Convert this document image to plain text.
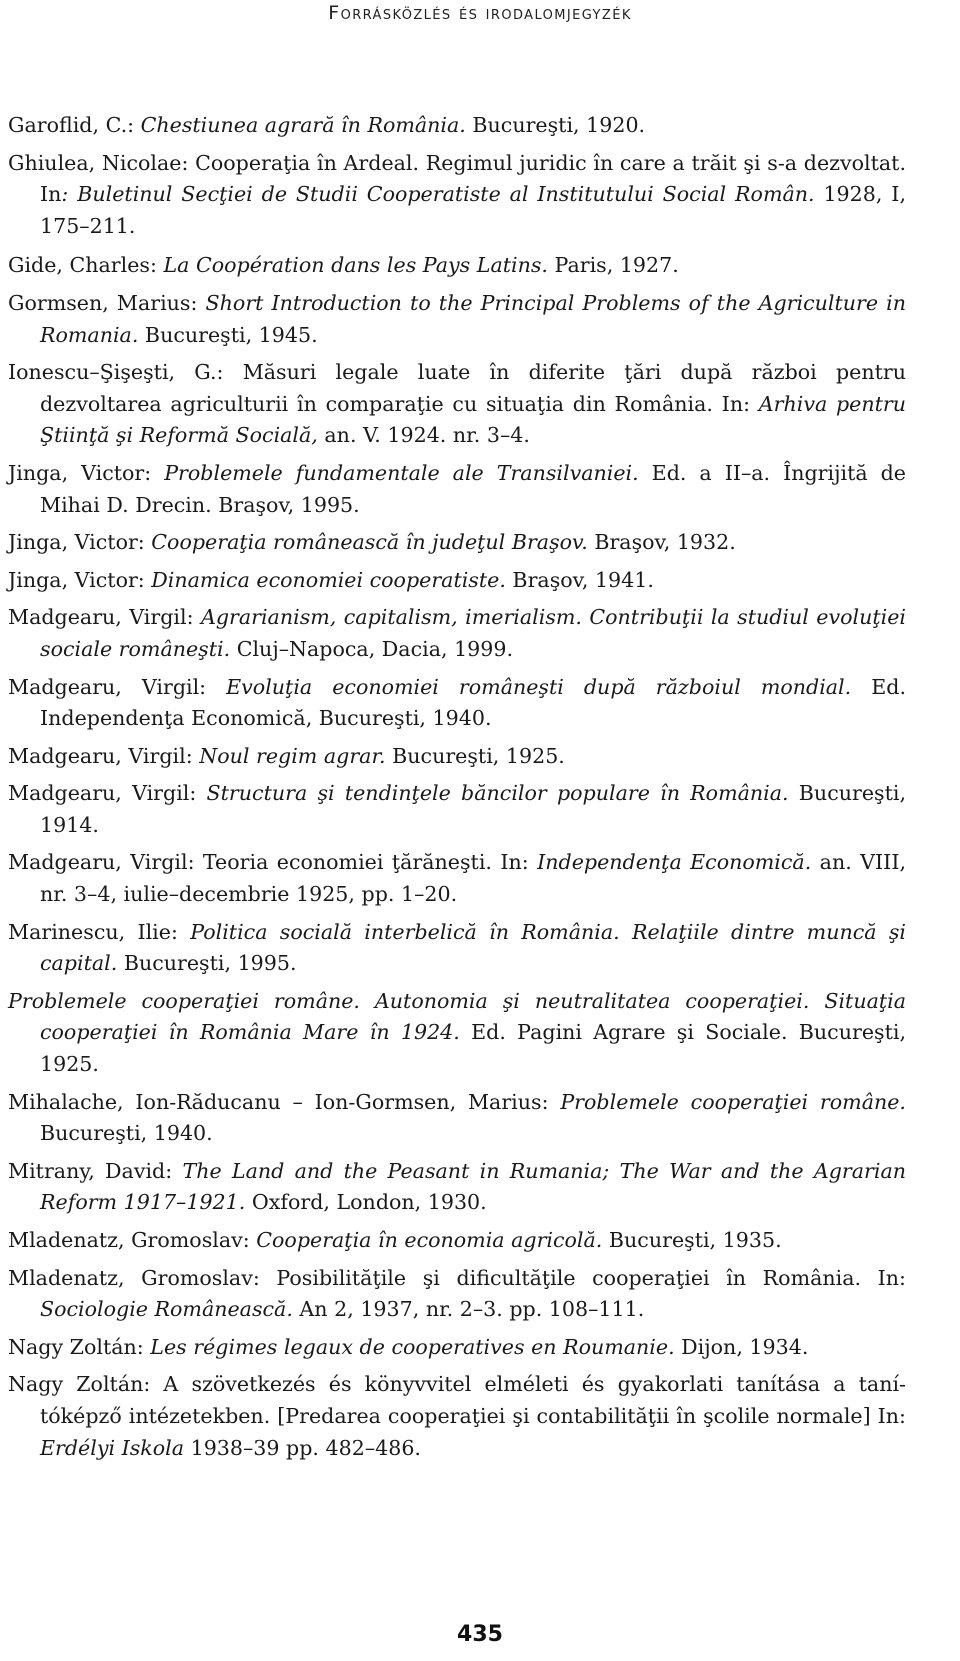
Forrásközlés és irodalomjegyzék

Garoflid, C.: Chestiunea agrară în România. Bucureşti, 1920.

Ghiulea, Nicolae: Cooperaţia în Ardeal. Regimul juridic în care a trăit şi s-a dezvoltat. In: Buletinul Secţiei de Studii Cooperatiste al Institutului Social Român. 1928, I, 175–211.

Gide, Charles: La Coopération dans les Pays Latins. Paris, 1927.

Gormsen, Marius: Short Introduction to the Principal Problems of the Agriculture in Romania. Bucureşti, 1945.

Ionescu–Şişeşti, G.: Măsuri legale luate în diferite ţări după război pentru dezvoltarea agriculturii în comparaţie cu situaţia din România. In: Arhiva pentru Ştiinţă şi Reformă Socială, an. V. 1924. nr. 3–4.

Jinga, Victor: Problemele fundamentale ale Transilvaniei. Ed. a II–a. Îngrijită de Mihai D. Drecin. Braşov, 1995.

Jinga, Victor: Cooperaţia românească în judeţul Braşov. Braşov, 1932.

Jinga, Victor: Dinamica economiei cooperatiste. Braşov, 1941.

Madgearu, Virgil: Agrarianism, capitalism, imerialism. Contribuţii la studiul evoluţiei sociale româneşti. Cluj–Napoca, Dacia, 1999.

Madgearu, Virgil: Evoluţia economiei româneşti după războiul mondial. Ed. Independenţa Economică, Bucureşti, 1940.

Madgearu, Virgil: Noul regim agrar. Bucureşti, 1925.

Madgearu, Virgil: Structura şi tendinţele băncilor populare în România. Bucureşti, 1914.

Madgearu, Virgil: Teoria economiei ţărăneşti. In: Independenţa Economică. an. VIII, nr. 3–4, iulie–decembrie 1925, pp. 1–20.

Marinescu, Ilie: Politica socială interbelică în România. Relaţiile dintre muncă şi capital. Bucureşti, 1995.

Problemele cooperaţiei române. Autonomia şi neutralitatea cooperaţiei. Situaţia cooperaţiei în România Mare în 1924. Ed. Pagini Agrare şi Sociale. Bucureşti, 1925.

Mihalache, Ion-Răducanu – Ion-Gormsen, Marius: Problemele cooperaţiei române. Bucureşti, 1940.

Mitrany, David: The Land and the Peasant in Rumania; The War and the Agrarian Reform 1917–1921. Oxford, London, 1930.

Mladenatz, Gromoslav: Cooperaţia în economia agricolă. Bucureşti, 1935.

Mladenatz, Gromoslav: Posibilităţile şi dificultăţile cooperaţiei în România. In: Sociologie Românească. An 2, 1937, nr. 2–3. pp. 108–111.

Nagy Zoltán: Les régimes legaux de cooperatives en Roumanie. Dijon, 1934.

Nagy Zoltán: A szövetkezés és könyvvitel elméleti és gyakorlati tanítása a taní-tóképző intézetekben. [Predarea cooperaţiei şi contabilităţii în şcolile normale] In: Erdélyi Iskola 1938–39 pp. 482–486.

435
